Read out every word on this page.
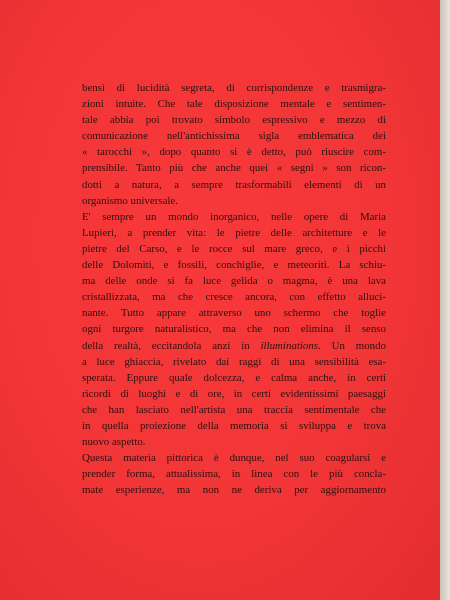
bensì di lucidità segreta, di corrispondenze e trasmigra-
zioni intuite. Che tale disposizione mentale e sentimen-
tale abbia poi trovato simbolo espressivo e mezzo di
comunicazione nell'antichissima sigla emblematica dei
« tarocchi », dopo quanto si è detto, può riuscire com-
prensibile. Tanto più che anche quei « segni » son ricon-
dotti a natura, a sempre trasformabili elementi di un
organismo universale.
E' sempre un mondo inorganico, nelle opere di Maria
Lupieri, a prender vita: le pietre delle architetture e le
pietre del Carso, e le rocce sul mare greco, e i picchi
delle Dolomiti, e fossili, conchiglie, e meteoriti. La schiu-
ma delle onde si fa luce gelida o magma, è una lava
cristallizzata, ma che cresce ancora, con effetto alluci-
nante. Tutto appare attraverso uno schermo che toglie
ogni turgore naturalistico, ma che non elimina il senso
della realtà, eccitandola anzi in illuminations. Un mondo
a luce ghiaccia, rivelato dai raggi di una sensibilità esa-
sperata. Eppure quale dolcezza, e calma anche, in certi
ricordi di luoghi e di ore, in certi evidentissimi paesaggi
che han lasciato nell'artista una traccia sentimentale che
in quella proiezione della memoria si sviluppa e trova
nuovo aspetto.
Questa materia pittorica è dunque, nel suo coagularsi e
prender forma, attualissima, in linea con le più concla-
mate esperienze, ma non ne deriva per aggiornamento
